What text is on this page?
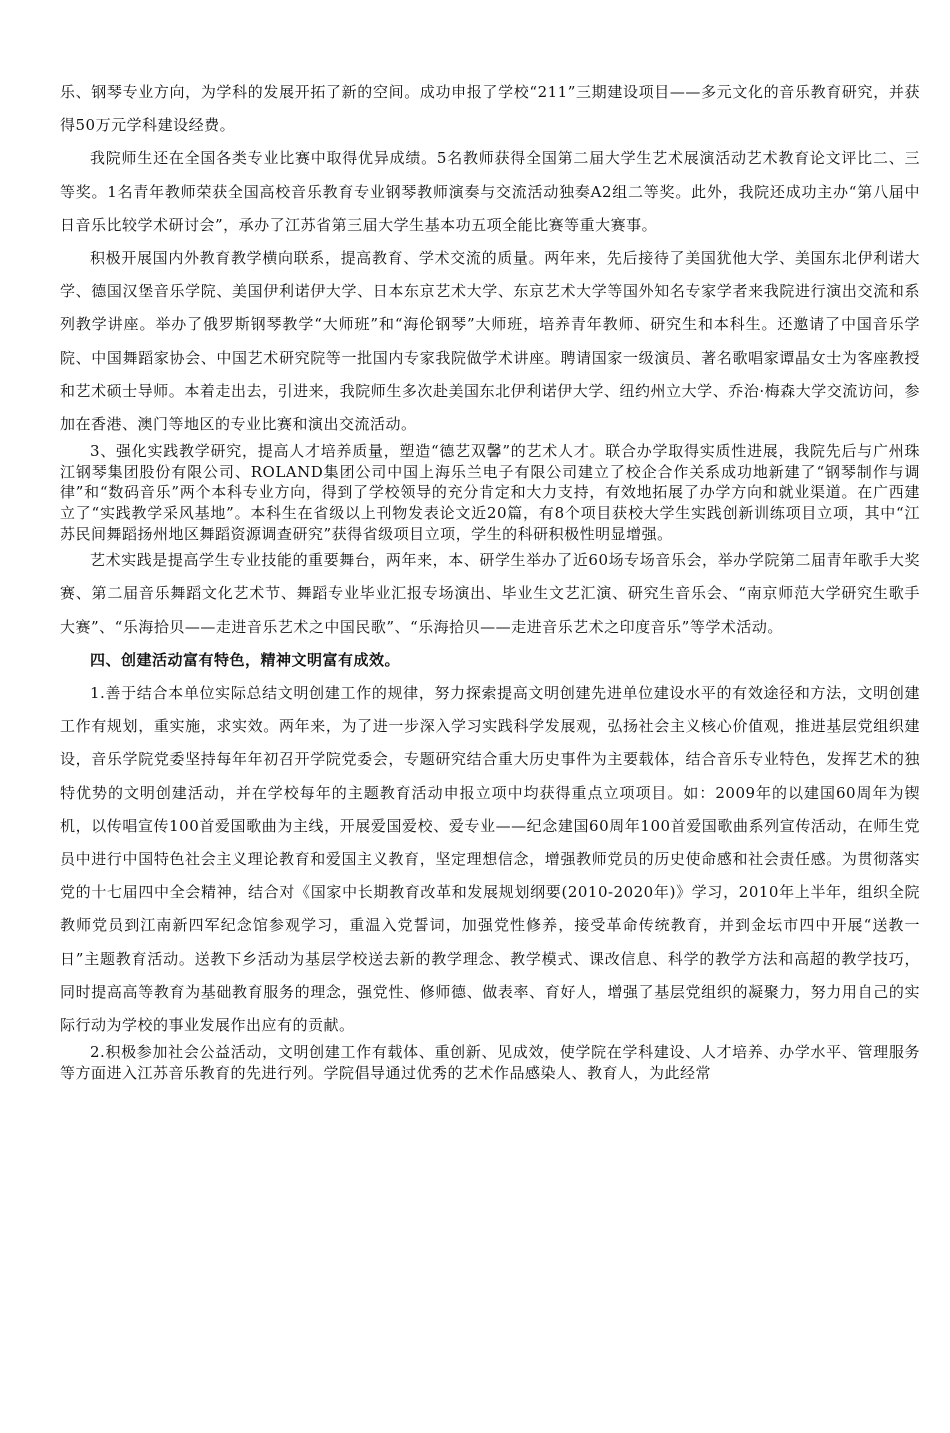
乐、钢琴专业方向，为学科的发展开拓了新的空间。成功申报了学校“211”三期建设项目——多元文化的音乐教育研究，并获得50万元学科建设经费。

我院师生还在全国各类专业比赛中取得优异成绩。5名教师获得全国第二届大学生艺术展演活动艺术教育论文评比二、三等奖。1名青年教师荣获全国高校音乐教育专业钢琴教师演奏与交流活动独奏A2组二等奖。此外，我院还成功主办“第八届中日音乐比较学术研讨会”，承办了江苏省第三届大学生基本功五项全能比赛等重大赛事。

积极开展国内外教育教学横向联系，提高教育、学术交流的质量。两年来，先后接待了美国犹他大学、美国东北伊利诺大学、德国汉堡音乐学院、美国伊利诺伊大学、日本东京艺术大学、东京艺术大学等国外知名专家学者来我院进行演出交流和系列教学讲座。举办了俄罗斯钢琴教学“大师班”和“海伦钢琴”大师班，培养青年教师、研究生和本科生。还邀请了中国音乐学院、中国舞蹈家协会、中国艺术研究院等一批国内专家我院做学术讲座。聘请国家一级演员、著名歌唱家谭晶女士为客座教授和艺术硕士导师。本着走出去，引进来，我院师生多次赴美国东北伊利诺伊大学、纽约州立大学、乔治·梅森大学交流访问，参加在香港、澳门等地区的专业比赛和演出交流活动。

3、强化实践教学研究，提高人才培养质量，塑造“德艺双馨”的艺术人才。联合办学取得实质性进展，我院先后与广州珠江钢琴集团股份有限公司、ROLAND集团公司中国上海乐兰电子有限公司建立了校企合作关系成功地新建了“钢琴制作与调律”和“数码音乐”两个本科专业方向，得到了学校领导的充分肯定和大力支持，有效地拓展了办学方向和就业渠道。在广西建立了“实践教学采风基地”。本科生在省级以上刊物发表论文近20篇，有8个项目获校大学生实践创新训练项目立项，其中“江苏民间舞蹈扬州地区舞蹈资源调查研究”获得省级项目立项，学生的科研积极性明显增强。

艺术实践是提高学生专业技能的重要舞台，两年来，本、研学生举办了近60场专场音乐会，举办学院第二届青年歌手大奖赛、第二届音乐舞蹈文化艺术节、舞蹈专业毕业汇报专场演出、毕业生文艺汇演、研究生音乐会、“南京师范大学研究生歌手大赛”、“乐海拾贝——走进音乐艺术之中国民歌”、“乐海拾贝——走进音乐艺术之印度音乐”等学术活动。

四、创建活动富有特色，精神文明富有成效。

1.善于结合本单位实际总结文明创建工作的规律，努力探索提高文明创建先进单位建设水平的有效途径和方法，文明创建工作有规划，重实施，求实效。两年来，为了进一步深入学习实践科学发展观，弘扬社会主义核心价值观，推进基层党组织建设，音乐学院党委坚持每年年初召开学院党委会，专题研究结合重大历史事件为主要载体，结合音乐专业特色，发挥艺术的独特优势的文明创建活动，并在学校每年的主题教育活动申报立项中均获得重点立项项目。如：2009年的以建国60周年为锲机，以传唱宣传100首爱国歌曲为主线，开展爱国爱校、爱专业——纪念建国60周年100首爱国歌曲系列宣传活动，在师生党员中进行中国特色社会主义理论教育和爱国主义教育，坚定理想信念，增强教师党员的历史使命感和社会责任感。为贯彻落实党的十七届四中全会精神，结合对《国家中长期教育改革和发展规划纲要(2010-2020年)》学习，2010年上半年，组织全院教师党员到江南新四军纪念馆参观学习，重温入党誓词，加强党性修养，接受革命传统教育，并到金坛市四中开展“送教一日”主题教育活动。送教下乡活动为基层学校送去新的教学理念、教学模式、课改信息、科学的教学方法和高超的教学技巧，同时提高高等教育为基础教育服务的理念，强党性、修师德、做表率、育好人，增强了基层党组织的凝聚力，努力用自己的实际行动为学校的事业发展作出应有的贡献。

2.积极参加社会公益活动，文明创建工作有载体、重创新、见成效，使学院在学科建设、人才培养、办学水平、管理服务等方面进入江苏音乐教育的先进行列。学院倡导通过优秀的艺术作品感染人、教育人，为此经常
